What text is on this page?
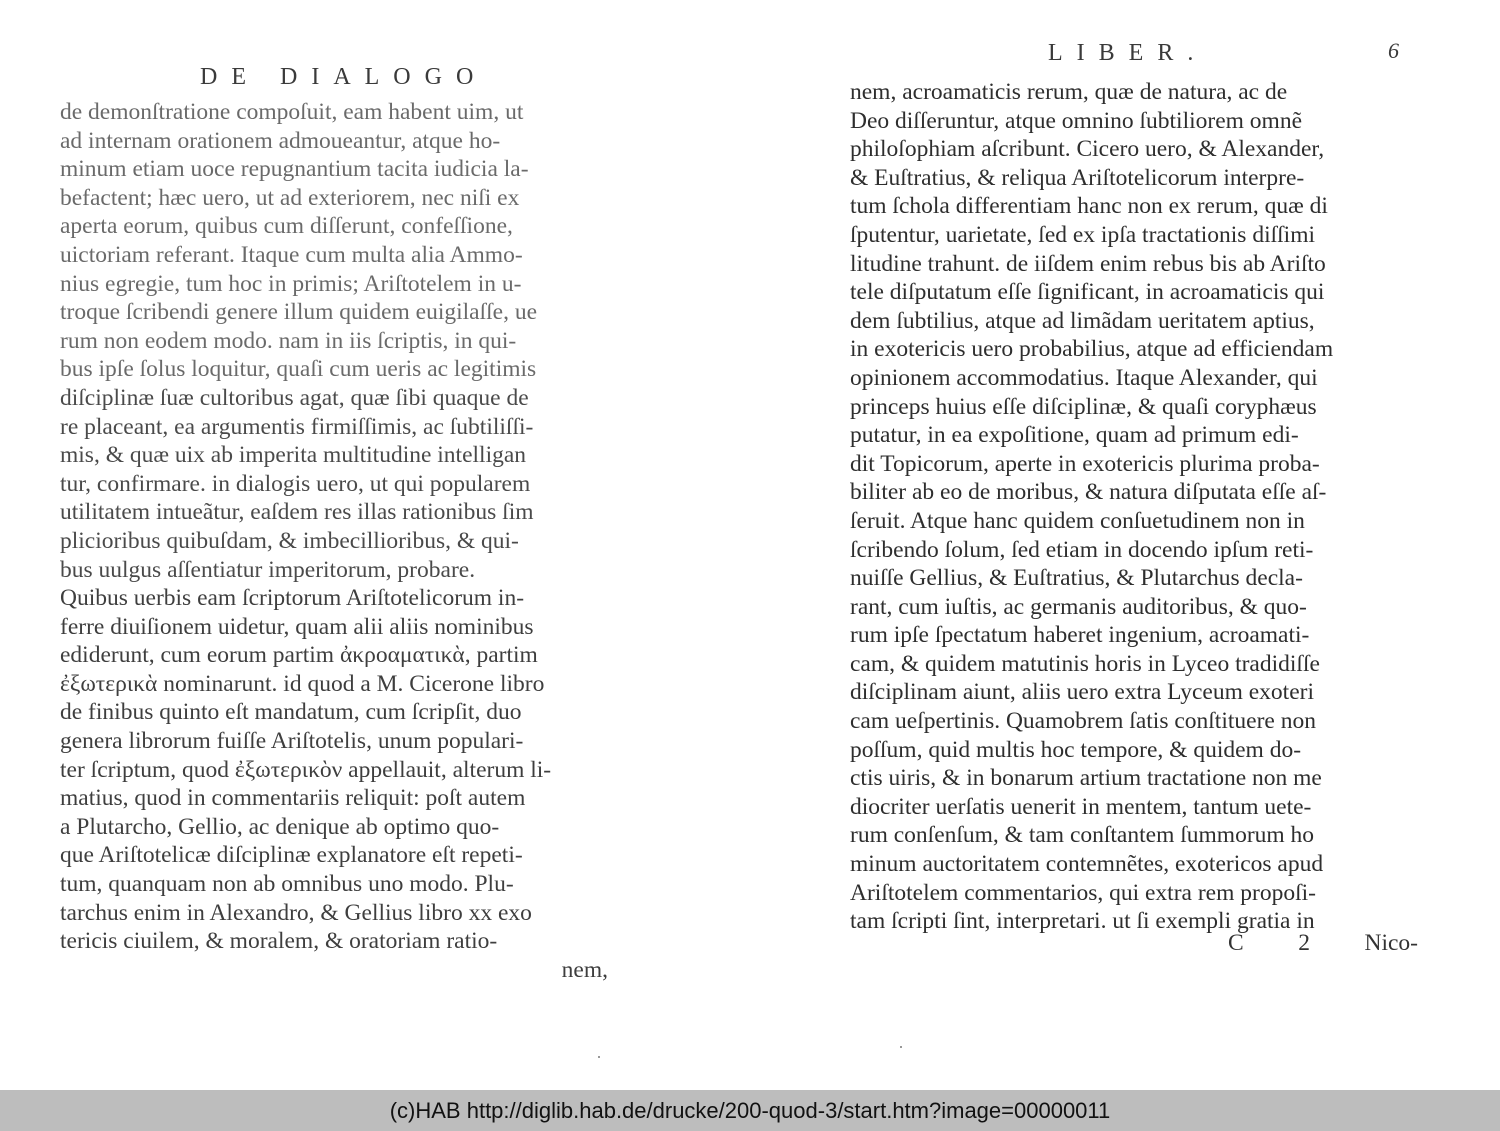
DE DIALOGO
de demonſtratione compoſuit, eam habent uim, ut
ad internam orationem admoueantur, atque ho-
minum etiam uoce repugnantium tacita iudicia la-
befactent; hæc uero, ut ad exteriorem, nec niſi ex
aperta eorum, quibus cum diſſerunt, confeſſione,
uictoriam referant. Itaque cum multa alia Ammo-
nius egregie, tum hoc in primis; Ariſtotelem in u-
troque ſcribendi genere illum quidem euigilaſſe, ue
rum non eodem modo. nam in iis ſcriptis, in qui-
bus ipſe ſolus loquitur, quaſi cum ueris ac legitimis
diſciplinæ ſuæ cultoribus agat, quæ ſibi quaque de
re placeant, ea argumentis firmiſſimis, ac ſubtiliſſi-
mis, & quæ uix ab imperita multitudine intelligan
tur, confirmare. in dialogis uero, ut qui popularem
utilitatem intueãtur, eaſdem res illas rationibus ſim
plicioribus quibuſdam, & imbecillioribus, & qui-
bus uulgus aſſentiatur imperitorum, probare.
Quibus uerbis eam ſcriptorum Ariſtotelicorum in-
ferre diuiſionem uidetur, quam alii aliis nominibus
ediderunt, cum eorum partim ἀκροαματικὰ, partim
ἐξωτερικὰ nominarunt. id quod a M. Cicerone libro
de finibus quinto eſt mandatum, cum ſcripſit, duo
genera librorum fuiſſe Ariſtotelis, unum populari-
ter ſcriptum, quod ἐξωτερικὸν appellauit, alterum li-
matius, quod in commentariis reliquit: poſt autem
a Plutarcho, Gellio, ac denique ab optimo quo-
que Ariſtotelicæ diſciplinæ explanatore eſt repeti-
tum, quanquam non ab omnibus uno modo. Plu-
tarchus enim in Alexandro, & Gellius libro xx exo
tericis ciuilem, & moralem, & oratoriam ratio-
nem,
LIBER.	6
nem, acroamaticis rerum, quæ de natura, ac de
Deo diſſeruntur, atque omnino ſubtiliorem omnẽ
philoſophiam aſcribunt. Cicero uero, & Alexander,
& Euſtratius, & reliqua Ariſtotelicorum interpre-
tum ſchola differentiam hanc non ex rerum, quæ di
ſputentur, uarietate, ſed ex ipſa tractationis diſſimi
litudine trahunt. de iiſdem enim rebus bis ab Ariſto
tele diſputatum eſſe ſignificant, in acroamaticis qui
dem ſubtilius, atque ad limãdam ueritatem aptius,
in exotericis uero probabilius, atque ad efficiendam
opinionem accommodatius. Itaque Alexander, qui
princeps huius eſſe diſciplinæ, & quaſi coryphæus
putatur, in ea expoſitione, quam ad primum edi-
dit Topicorum, aperte in exotericis plurima proba-
biliter ab eo de moribus, & natura diſputata eſſe aſ-
ſeruit. Atque hanc quidem conſuetudinem non in
ſcribendo ſolum, ſed etiam in docendo ipſum reti-
nuiſſe Gellius, & Euſtratius, & Plutarchus decla-
rant, cum iuſtis, ac germanis auditoribus, & quo-
rum ipſe ſpectatum haberet ingenium, acroamati-
cam, & quidem matutinis horis in Lyceo tradidiſſe
diſciplinam aiunt, aliis uero extra Lyceum exoteri
cam ueſpertinis. Quamobrem ſatis conſtituere non
poſſum, quid multis hoc tempore, & quidem do-
ctis uiris, & in bonarum artium tractatione non me
diocriter uerſatis uenerit in mentem, tantum uete-
rum conſenſum, & tam conſtantem ſummorum ho
minum auctoritatem contemnẽtes, exotericos apud
Ariſtotelem commentarios, qui extra rem propoſi-
tam ſcripti ſint, interpretari. ut ſi exempli gratia in
C 2 Nico-
(c)HAB http://diglib.hab.de/drucke/200-quod-3/start.htm?image=00000011
